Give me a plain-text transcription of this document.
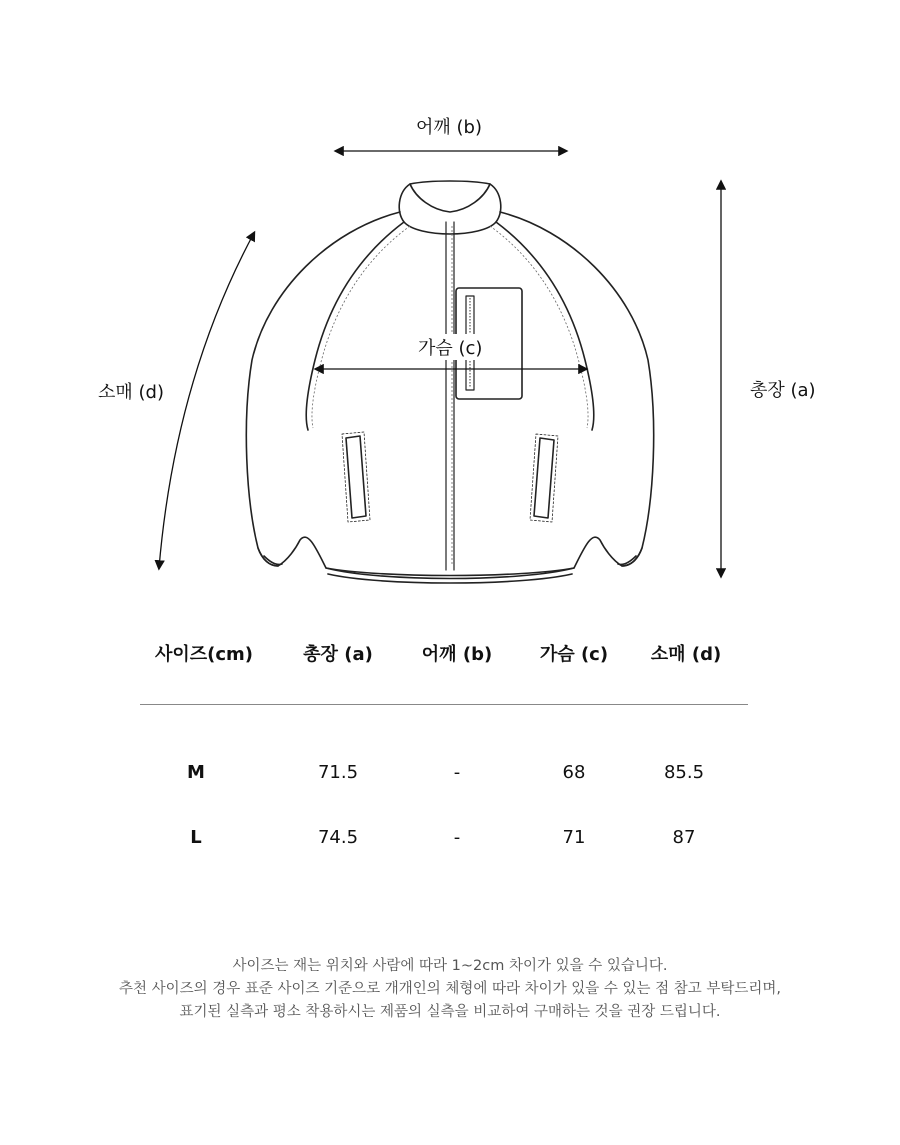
어깨 (b)
가슴 (c)
소매 (d)	총장 (a)
사이즈(cm)	총장 (a)	어깨 (b)	가슴 (c)	소매 (d)
M	71.5	-	68	85.5
L	74.5	-	71	87
사이즈는 재는 위치와 사람에 따라 1~2cm 차이가 있을 수 있습니다.
추천 사이즈의 경우 표준 사이즈 기준으로 개개인의 체형에 따라 차이가 있을 수 있는 점 참고 부탁드리며,
표기된 실측과 평소 착용하시는 제품의 실측을 비교하여 구매하는 것을 권장 드립니다.
